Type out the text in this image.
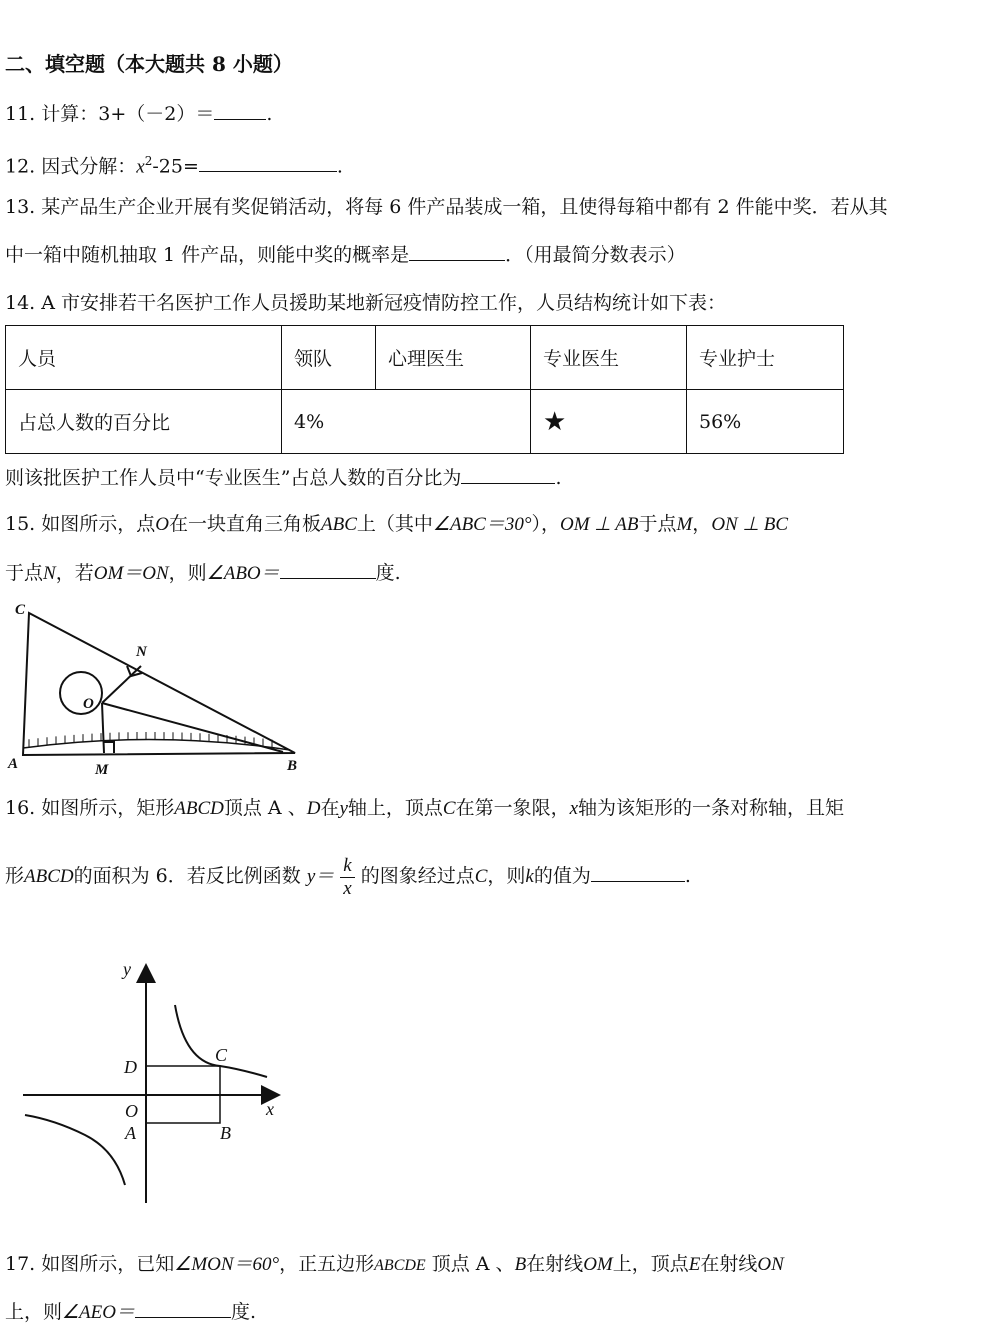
二、填空题（本大题共 8 小题）
11. 计算：3+（－2）＝	.
12. 因式分解：$x^2-25=$	.
13. 某产品生产企业开展有奖促销活动，将每 6 件产品装成一箱，且使得每箱中都有 2 件能中奖．若从其
中一箱中随机抽取 1 件产品，则能中奖的概率是	．（用最简分数表示）
14. A 市安排若干名医护工作人员援助某地新冠疫情防控工作，人员结构统计如下表：
人员	领队	心理医生	专业医生	专业护士
占总人数的百分比	4%		★	56%
则该批医护工作人员中“专业医生”占总人数的百分比为	.
15. 如图所示，点O在一块直角三角板ABC上（其中∠ABC＝30°），OM ⊥ AB于点M，ON ⊥ BC
于点N，若OM＝ON，则∠ABO＝	度.
C
N
O
A	M	B
16. 如图所示，矩形ABCD顶点 A 、D在y轴上，顶点C在第一象限，x轴为该矩形的一条对称轴，且矩
形ABCD的面积为 6．若反比例函数 $y= \frac{k}{x}$ 的图象经过点C，则k的值为	.
y
x
D
C
O
A	B
17. 如图所示，已知∠MON＝60°，正五边形ABCDE 顶点 A 、B在射线OM上，顶点E在射线ON
上，则∠AEO＝	度.
